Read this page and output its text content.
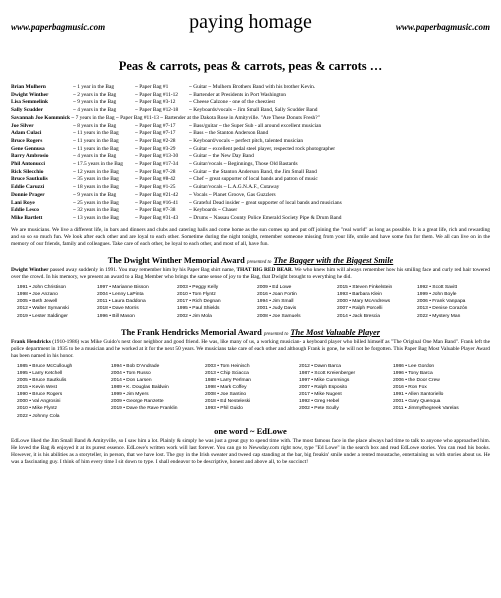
www.paperbagmusic.com	paying homage	www.paperbagmusic.com
Peas & carrots, peas & carrots, peas & carrots …
Brian Mulhern	~ 1 year in the Bag	~ Paper Bag #1	~ Guitar ~ Mulhern Brothers Band with his brother Kevin.
Dwight Winther	~ 2 years in the Bag	~ Paper Bag #11-12	~ Bartender at Presidents in Port Washington
Lisa Semmelink	~ 9 years in the Bag	~ Paper Bag #3-12	~ Cheese Calzone - one of the cheeziest
Sally Scudder	~ 4 years in the Bag	~ Paper Bag #12-18	~ Keyboards/vocals ~ Jim Small Band, Sally Scudder Band
Savannah Joe Kommnick ~ 7 years in the Bag ~ Paper Bag #11-13 ~ Bartender at the Dakota Rose in Amityville. "Are These Donuts Fresh?"
Joe Silver	~ 8 years in the Bag	~ Paper Bag #7-17	~ Bass/guitar ~ the Super Sub - all around excellent musician
Adam Culaci	~ 11 years in the Bag	~ Paper Bag #7-17	~ Bass ~ the Stanton Anderson Band
Bruce Rogers	~ 11 years in the Bag	~ Paper Bag #2-28	~ Keyboard/vocals ~ perfect pitch, talented musician
Gene Gennusa	~ 11 years in the Bag	~ Paper Bag #3-29	~ Guitar ~ excellent pedal steel player, respected rock photographer
Barry Ambrosio	~ 4 years in the Bag	~ Paper Bag #13-30	~ Guitar ~ the New Day Band
Phil Antonucci	~ 17.5 years in the Bag	~ Paper Bag #17-34	~ Guitar/vocals ~ Beginnings, Those Old Bastards
Rick Silecchio	~ 12 years in the Bag	~ Paper Bag #7-28	~ Guitar ~ the Stanton Anderson Band, the Jim Small Band
Bruce Sautkulis	~ 35 years in the Bag	~ Paper Bag #8-42	~ Chef ~ great supporter of local bands and patron of music
Eddie Caruzzi	~ 18 years in the Bag	~ Paper Bag #1-25	~ Guitar/vocals ~ L.A.G.N.A.F., Cutaway
Donnie Prager	~ 9 years in the Bag	~ Paper Bag #21-42	~ Vocals ~ Planet Groove, Gas Guzzlers
Lani Roye	~ 25 years in the Bag	~ Paper Bag #16-41	~ Grateful Dead insider ~ great supporter of local bands and musicians
Eddie Lesco	~ 32 years in the Bag	~ Paper Bag #7-38	~ Keyboards ~ Chaser
Mike Bartlett	~ 13 years in the Bag	~ Paper Bag #31-43	~ Drums ~ Nassau County Police Emerald Society Pipe & Drum Band

We are musicians. We live a different life, in bars and dinners and clubs and catering halls and come home as the sun comes up and put off joining the "real world" as long as possible. It is a great life, rich and rewarding and so so so much fun. We look after each other and are loyal to each other. Sometime during the night tonight, remember someone missing from your life, smile and have some fun for them. We all can live on in the memory of our friends, family and colleagues. Take care of each other, be loyal to each other, and most of all, have fun.

The Dwight Winther Memorial Award presented to The Bagger with the Biggest Smile

Dwight Winther passed away suddenly in 1991. You may remember him by his Paper Bag shirt name, THAT BIG RED BEAR. We who knew him will always remember how his smiling face and curly red hair towered over the crowd. In his memory, we present an award to a Bag Member who brings the same sense of joy to the Bag, that Dwight brought to everything he did.

1991 • John Christison	1997 • Marianne Bisson	2003 • Peggy Kelly	2009 • Ed Lowe	2015 • Steven Finkelstein	1992 • Scott Savitt
1998 • Joe Anzano	2004 • Lenny LaPinta	2010 • Tom Flyntz	2016 • Joan Fortin	1993 • Barbara Klein	1999 • John Boyle
2005 • Beth Jewell	2011 • Laura Daddona	2017 • Rich Degnan	1994 • Jim Small	2000 • Mary McAndrews	2006 • Frank Vanpapa
2012 • Walter Symanski	2018 • Dave Morris	1995 • Paul Shields	2001 • Judy Davis	2007 • Ralph Porcelli	2013 • Denise Corazón
2019 • Lester Saldinger	1996 • Bill Mason	2002 • Jim Mola	2008 • Joe Samuels	2014 • Jack Brescia	2022 • Mystery Man
The Frank Hendricks Memorial Award presented to The Most Valuable Player

Frank Hendricks (1910-1986) was Mike Guido's next door neighbor and good friend. He was, like many of us, a working musician- a keyboard player who billed himself as "The Original One Man Band". Frank left the police department in 1935 to be a musician and he worked at it for the next 50 years. We musicians take care of each other and although Frank is gone, he will not be forgotten. This Paper Bag Most Valuable Player Award has been named in his honor.

1985 • Bruce McCullough	1994 • Bob D'Andrade	2003 • Tom Heinisch	2012 • Dawn Barca	1986 • Lee Gordon
1995 • Larry Ketchell	2004 • Tom Russo	2013 • Chip Sciacca	1987 • Scott Kreienberger	1996 • Tony Barca
2005 • Bruce Sautkulis	2014 • Don Larsen	1988 • Larry Perlman	1997 • Mike Cummings	2006 • the Door Crew
2015 • Kevin West	1989 • K. Douglas Baldwin	1998 • Mark Coffey	2007 • Ralph Esposito	2016 • Ron Fox
1990 • Bruce Rogers	1999 • Jim Myers	2008 • Joe Santino	2017 • Mike Nugent	1991 • Allen Santoriello
2000 • Val Angrosini	2009 • George Ranzette	2018 • Ed Nesteleski	1992 • Greg Hebel	2001 • Gary Quenqua
2010 • Mike Flyntz	2019 • Dave the Rave Franklin	1993 • Phil Guido	2002 • Pete Scully	2011 • Jimmythegreek Varelas
2022 • Johnny Cola
one word ~ EdLowe

EdLowe liked the Jim Small Band & Amityville, so I saw him a lot. Plainly & simply he was just a great guy to spend time with. The most famous face in the place always had time to talk to anyone who approached him. He loved the Bag & enjoyed it at its purest essence. EdLowe's written work will last forever. You can go to Newsday.com right now, type "Ed Lowe" in the search box and read EdLowe stories. You can read his books. However, it is his abilities as a storyteller, in person, that we have lost. The guy in the Irish sweater and tweed cap standing at the bar, big freakin' smile under a rented moustache, entertaining us with stories about us. He was a fascinating guy. I think of him every time I sit down to type. I shall endeavor to be descriptive, honest and above all, to be succinct!
